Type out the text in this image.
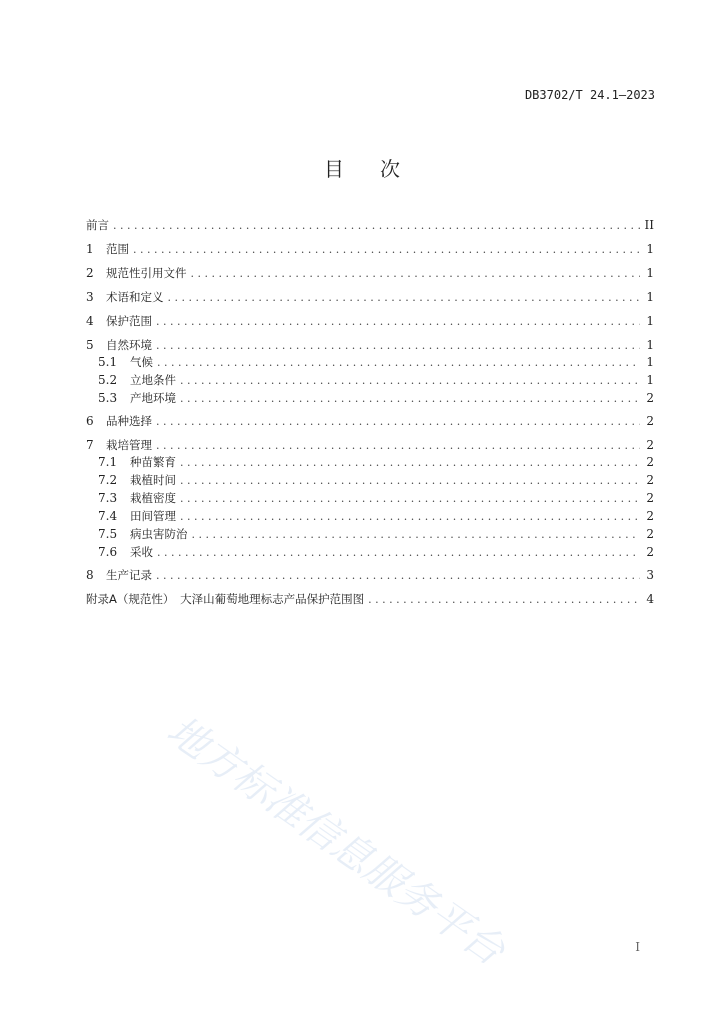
DB3702/T 24.1—2023
目 次
前言 . . .	II
1	范围 . . .	1
2	规范性引用文件 . . .	1
3	术语和定义 . . .	1
4	保护范围 . . .	1
5	自然环境 . . .	1
5.1	气候 . . .	1
5.2	立地条件 . . .	1
5.3	产地环境 . . .	2
6	品种选择 . . .	2
7	栽培管理 . . .	2
7.1	种苗繁育 . . .	2
7.2	栽植时间 . . .	2
7.3	栽植密度 . . .	2
7.4	田间管理 . . .	2
7.5	病虫害防治 . . .	2
7.6	采收 . . .	2
8	生产记录 . . .	3
附录A（规范性）　大泽山葡萄地理标志产品保护范围图 . . .	4
地方标准信息服务平台	I
